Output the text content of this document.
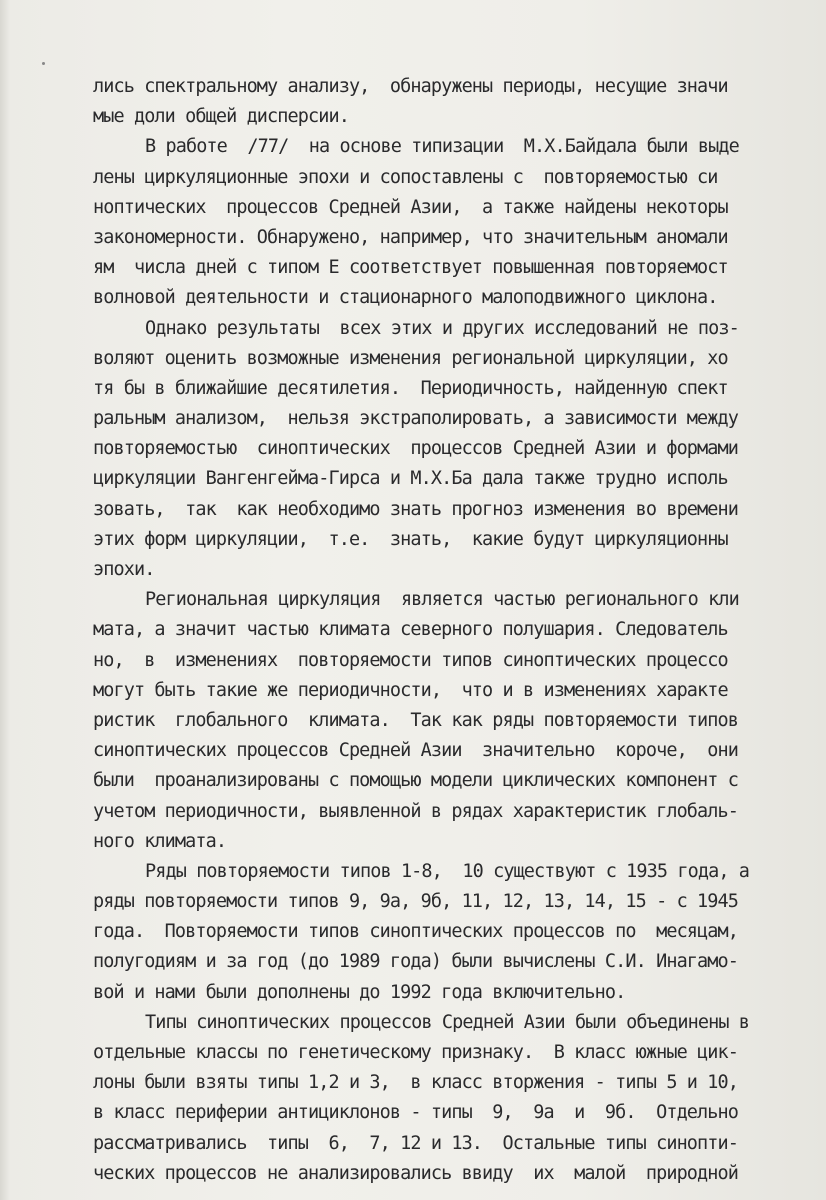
лись спектральному анализу,  обнаружены периоды, несущие значи
мые доли общей дисперсии.
В работе  /77/  на основе типизации  М.Х.Байдала были выде
лены циркуляционные эпохи и сопоставлены с  повторяемостью си
ноптических  процессов Средней Азии,  а также найдены некоторы
закономерности. Обнаружено, например, что значительным аномали
ям  числа дней с типом Е соответствует повышенная повторяемост
волновой деятельности и стационарного малоподвижного циклона.
Однако результаты  всех этих и других исследований не поз-
воляют оценить возможные изменения региональной циркуляции, хо
тя бы в ближайшие десятилетия.  Периодичность, найденную спект
ральным анализом,  нельзя экстраполировать, а зависимости между
повторяемостью  синоптических  процессов Средней Азии и формами
циркуляции Вангенгейма-Гирса и М.Х.Ба дала также трудно исполь
зовать,  так  как необходимо знать прогноз изменения во времени
этих форм циркуляции,  т.е.  знать,  какие будут циркуляционны
эпохи.
Региональная циркуляция  является частью регионального кли
мата, а значит частью климата северного полушария. Следователь
но,  в  изменениях  повторяемости типов синоптических процессо
могут быть такие же периодичности,  что и в изменениях характе
ристик  глобального  климата.  Так как ряды повторяемости типов
синоптических процессов Средней Азии  значительно  короче,  они
были  проанализированы с помощью модели циклических компонент с
учетом периодичности, выявленной в рядах характеристик глобаль-
ного климата.
Ряды повторяемости типов 1-8,  10 существуют с 1935 года, а
ряды повторяемости типов 9, 9а, 9б, 11, 12, 13, 14, 15 - с 1945
года.  Повторяемости типов синоптических процессов по  месяцам,
полугодиям и за год (до 1989 года) были вычислены С.И. Инагамо-
вой и нами были дополнены до 1992 года включительно.
Типы синоптических процессов Средней Азии были объединены в
отдельные классы по генетическому признаку.  В класс южные цик-
лоны были взяты типы 1,2 и 3,  в класс вторжения - типы 5 и 10,
в класс периферии антициклонов - типы  9,  9а  и  9б.  Отдельно
рассматривались  типы  6,  7, 12 и 13.  Остальные типы синопти-
ческих процессов не анализировались ввиду  их  малой  природной
